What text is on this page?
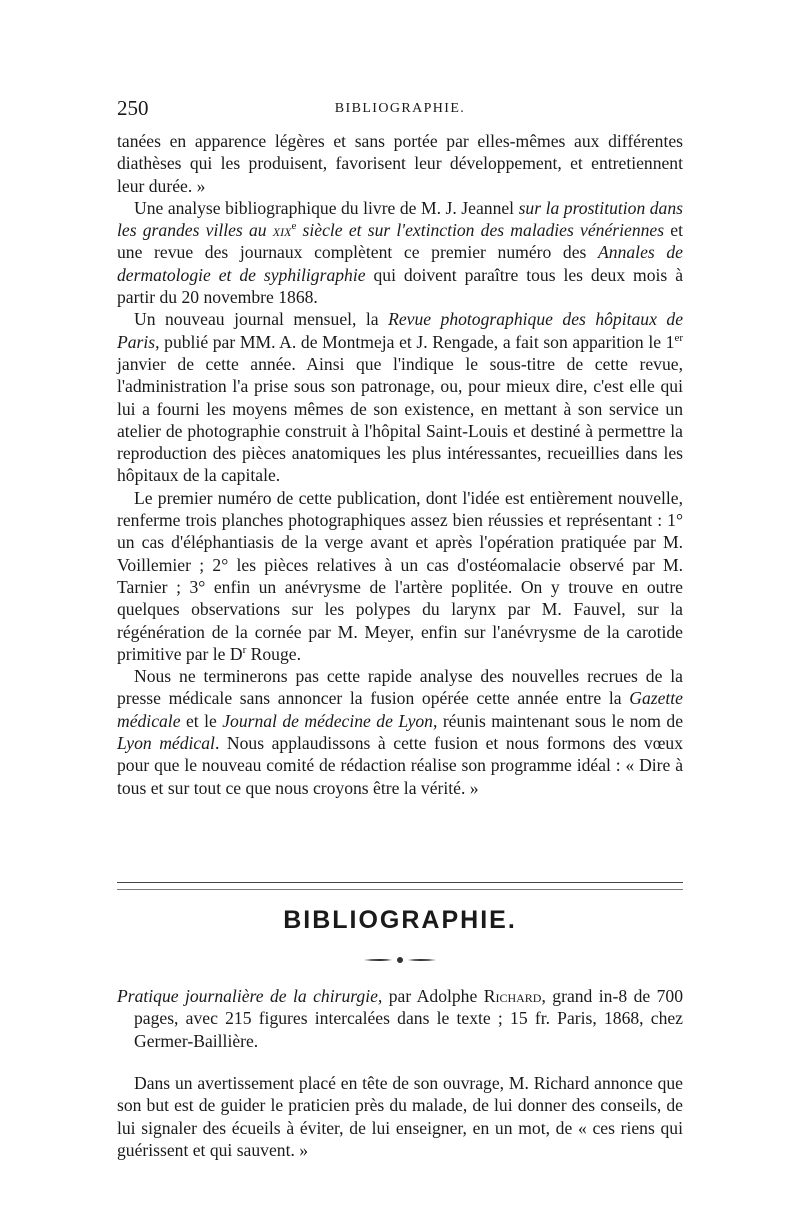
250	BIBLIOGRAPHIE.

tanées en apparence légères et sans portée par elles-mêmes aux différentes diathèses qui les produisent, favorisent leur développement, et entretiennent leur durée. »

Une analyse bibliographique du livre de M. J. Jeannel sur la prostitution dans les grandes villes au xix$^e$ siècle et sur l'extinction des maladies vénériennes et une revue des journaux complètent ce premier numéro des Annales de dermatologie et de syphiligraphie qui doivent paraître tous les deux mois à partir du 20 novembre 1868.

Un nouveau journal mensuel, la Revue photographique des hôpitaux de Paris, publié par MM. A. de Montmeja et J. Rengade, a fait son apparition le 1er janvier de cette année. Ainsi que l'indique le sous-titre de cette revue, l'administration l'a prise sous son patronage, ou, pour mieux dire, c'est elle qui lui a fourni les moyens mêmes de son existence, en mettant à son service un atelier de photographie construit à l'hôpital Saint-Louis et destiné à permettre la reproduction des pièces anatomiques les plus intéressantes, recueillies dans les hôpitaux de la capitale.

Le premier numéro de cette publication, dont l'idée est entièrement nouvelle, renferme trois planches photographiques assez bien réussies et représentant : 1° un cas d'éléphantiasis de la verge avant et après l'opération pratiquée par M. Voillemier ; 2° les pièces relatives à un cas d'ostéomalacie observé par M. Tarnier ; 3° enfin un anévrysme de l'artère poplitée. On y trouve en outre quelques observations sur les polypes du larynx par M. Fauvel, sur la régénération de la cornée par M. Meyer, enfin sur l'anévrysme de la carotide primitive par le $D^r$ Rouge.

Nous ne terminerons pas cette rapide analyse des nouvelles recrues de la presse médicale sans annoncer la fusion opérée cette année entre la Gazette médicale et le Journal de médecine de Lyon, réunis maintenant sous le nom de Lyon médical. Nous applaudissons à cette fusion et nous formons des vœux pour que le nouveau comité de rédaction réalise son programme idéal : « Dire à tous et sur tout ce que nous croyons être la vérité. »

BIBLIOGRAPHIE.
Pratique journalière de la chirurgie, par Adolphe Richard, grand in-8 de 700 pages, avec 215 figures intercalées dans le texte ; 15 fr. Paris, 1868, chez Germer-Baillière.

Dans un avertissement placé en tête de son ouvrage, M. Richard annonce que son but est de guider le praticien près du malade, de lui donner des conseils, de lui signaler des écueils à éviter, de lui enseigner, en un mot, de « ces riens qui guérissent et qui sauvent. »
